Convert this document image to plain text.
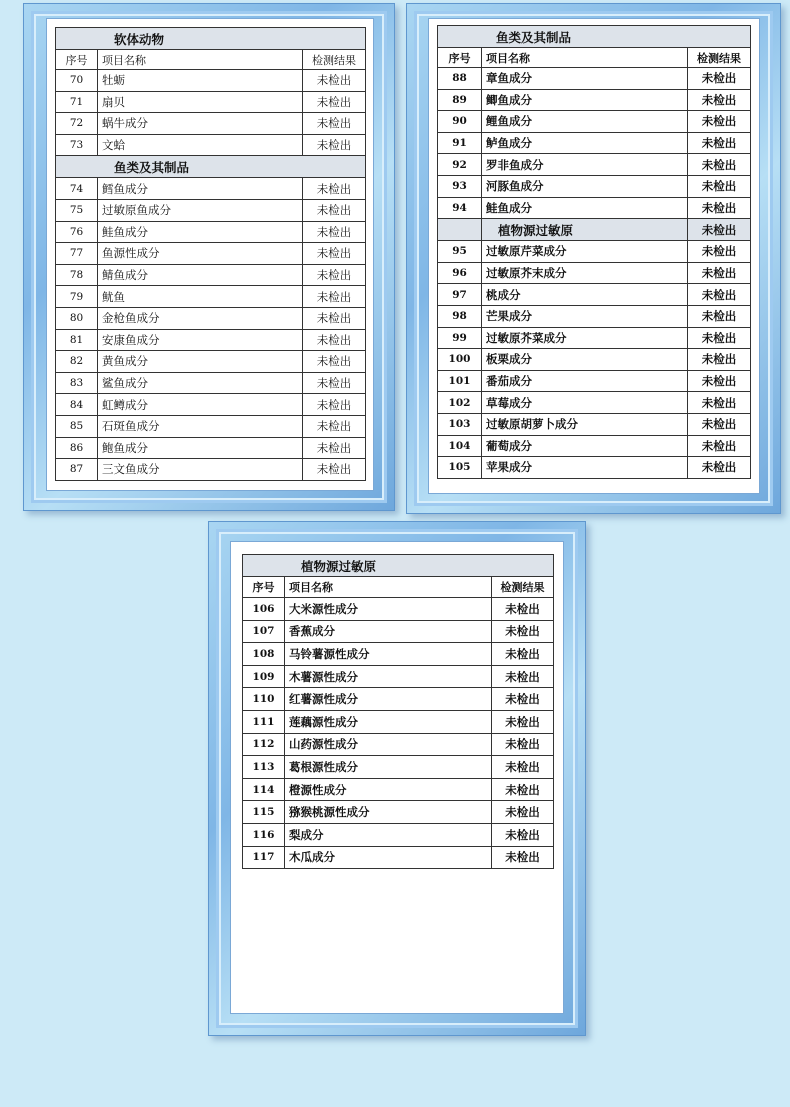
软体动物		
序号	项目名称	检测结果
70	牡蛎	未检出
71	扇贝	未检出
72	蜗牛成分	未检出
73	文蛤	未检出
鱼类及其制品		
74	鳕鱼成分	未检出
75	过敏原鱼成分	未检出
76	鲑鱼成分	未检出
77	鱼源性成分	未检出
78	鲭鱼成分	未检出
79	鱿鱼	未检出
80	金枪鱼成分	未检出
81	安康鱼成分	未检出
82	黄鱼成分	未检出
83	鲨鱼成分	未检出
84	虹鳟成分	未检出
85	石斑鱼成分	未检出
86	鲍鱼成分	未检出
87	三文鱼成分	未检出
鱼类及其制品		
序号	项目名称	检测结果
88	章鱼成分	未检出
89	鲫鱼成分	未检出
90	鲤鱼成分	未检出
91	鲈鱼成分	未检出
92	罗非鱼成分	未检出
93	河豚鱼成分	未检出
94	鲑鱼成分	未检出
	植物源过敏原	未检出
95	过敏原芹菜成分	未检出
96	过敏原芥末成分	未检出
97	桃成分	未检出
98	芒果成分	未检出
99	过敏原芥菜成分	未检出
100	板栗成分	未检出
101	番茄成分	未检出
102	草莓成分	未检出
103	过敏原胡萝卜成分	未检出
104	葡萄成分	未检出
105	苹果成分	未检出
植物源过敏原		
序号	项目名称	检测结果
106	大米源性成分	未检出
107	香蕉成分	未检出
108	马铃薯源性成分	未检出
109	木薯源性成分	未检出
110	红薯源性成分	未检出
111	莲藕源性成分	未检出
112	山药源性成分	未检出
113	葛根源性成分	未检出
114	橙源性成分	未检出
115	猕猴桃源性成分	未检出
116	梨成分	未检出
117	木瓜成分	未检出
